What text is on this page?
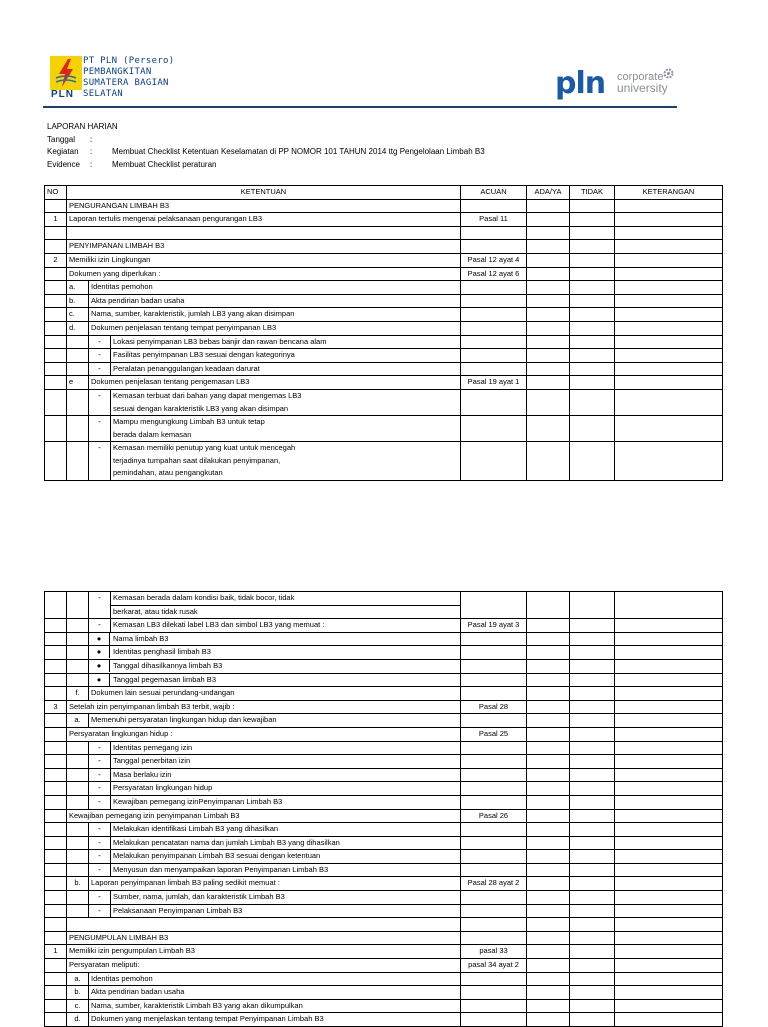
PLN
PT PLN (Persero)
PEMBANGKITAN
SUMATERA BAGIAN
SELATAN	pln corporate
university
LAPORAN HARIAN
Tanggal :
Kegiatan : Membuat Checklist Ketentuan Keselamatan di PP NOMOR 101 TAHUN 2014 ttg Pengelolaan Limbah B3
Evidence : Membuat Checklist peraturan
NO	KETENTUAN			ACUAN	ADA/YA	TIDAK	KETERANGAN
	PENGURANGAN LIMBAH B3						
1	Laporan tertulis mengenai pelaksanaan pengurangan LB3			Pasal 11			

	PENYIMPANAN LIMBAH B3						
2	Memiliki izin Lingkungan			Pasal 12 ayat 4			
	Dokumen yang diperlukan :			Pasal 12 ayat 6			
	a.	Identitas pemohon					
	b.	Akta pendirian badan usaha					
	c.	Nama, sumber, karakteristik, jumlah LB3 yang akan disimpan					
	d.	Dokumen penjelasan tentang tempat penyimpanan LB3					
		-	Lokasi penyimpanan LB3 bebas banjir dan rawan bencana alam				
		-	Fasilitas penyimpanan LB3 sesuai dengan kategorinya				
		-	Peralatan penanggulangan keadaan darurat				
	e	Dokumen penjelasan tentang pengemasan LB3		Pasal 19 ayat 1			
		-	Kemasan terbuat dari bahan yang dapat mengemas LB3				
			sesuai dengan karakteristik LB3 yang akan disimpan				
		-	Mampu mengungkung Limbah B3 untuk tetap				
			berada dalam kemasan				
		-	Kemasan memiliki penutup yang kuat untuk mencegah				
			terjadinya tumpahan saat dilakukan penyimpanan,				
			pemindahan, atau pengangkutan				
		-	Kemasan berada dalam kondisi baik, tidak bocor, tidak				
			berkarat, atau tidak rusak				
		-	Kemasan LB3 dilekati label LB3 dan simbol LB3 yang memuat :	Pasal 19 ayat 3			

		● Nama limbah B3					

		● Identitas penghasil limbah B3					

		● Tanggal dihasilkannya limbah B3					

		● Tanggal pegemasan limbah B3					

	f.	Dokumen lain sesuai perundang-undangan					
3	Setelah izin penyimpanan limbah B3 terbit, wajib :			Pasal 28			
	a.	Memenuhi persyaratan lingkungan hidup dan kewajiban					
	Persyaratan lingkungan hidup :			Pasal 25			
		-	Identitas pemegang izin				
		-	Tanggal penerbitan izin				
		-	Masa berlaku izin				
		-	Persyaratan lingkungan hidup				
		-	Kewajiban pemegang izinPenyimpanan Limbah B3				
	Kewajiban pemegang izin penyimpanan Limbah B3			Pasal 26			
		-	Melakukan identifikasi Limbah B3 yang dihasilkan				
		-	Melakukan pencatatan nama dan jumlah Limbah B3 yang dihasilkan				
		-	Melakukan penyimpanan Limbah B3 sesuai dengan ketentuan				
		-	Menyusun dan menyampaikan laporan Penyimpanan Limbah B3				
	b.	Laporan penyimpanan limbah B3 paling sedikit memuat :		Pasal 28 ayat 2			
		-	Sumber, nama, jumlah, dan karakteristik Limbah B3				
		-	Pelaksanaan Penyimpanan Limbah B3				

	PENGUMPULAN LIMBAH B3						
1	Memiliki izin pengumpulan Limbah B3			pasal 33			
	Persyaratan meliputi:			pasal 34 ayat 2			
	a.	Identitas pemohon					
	b.	Akta pendirian badan usaha					
	c.	Nama, sumber, karakteristik Limbah B3 yang akan dikumpulkan					
	d.	Dokumen yang menjelaskan tentang tempat Penyimpanan Limbah B3					
